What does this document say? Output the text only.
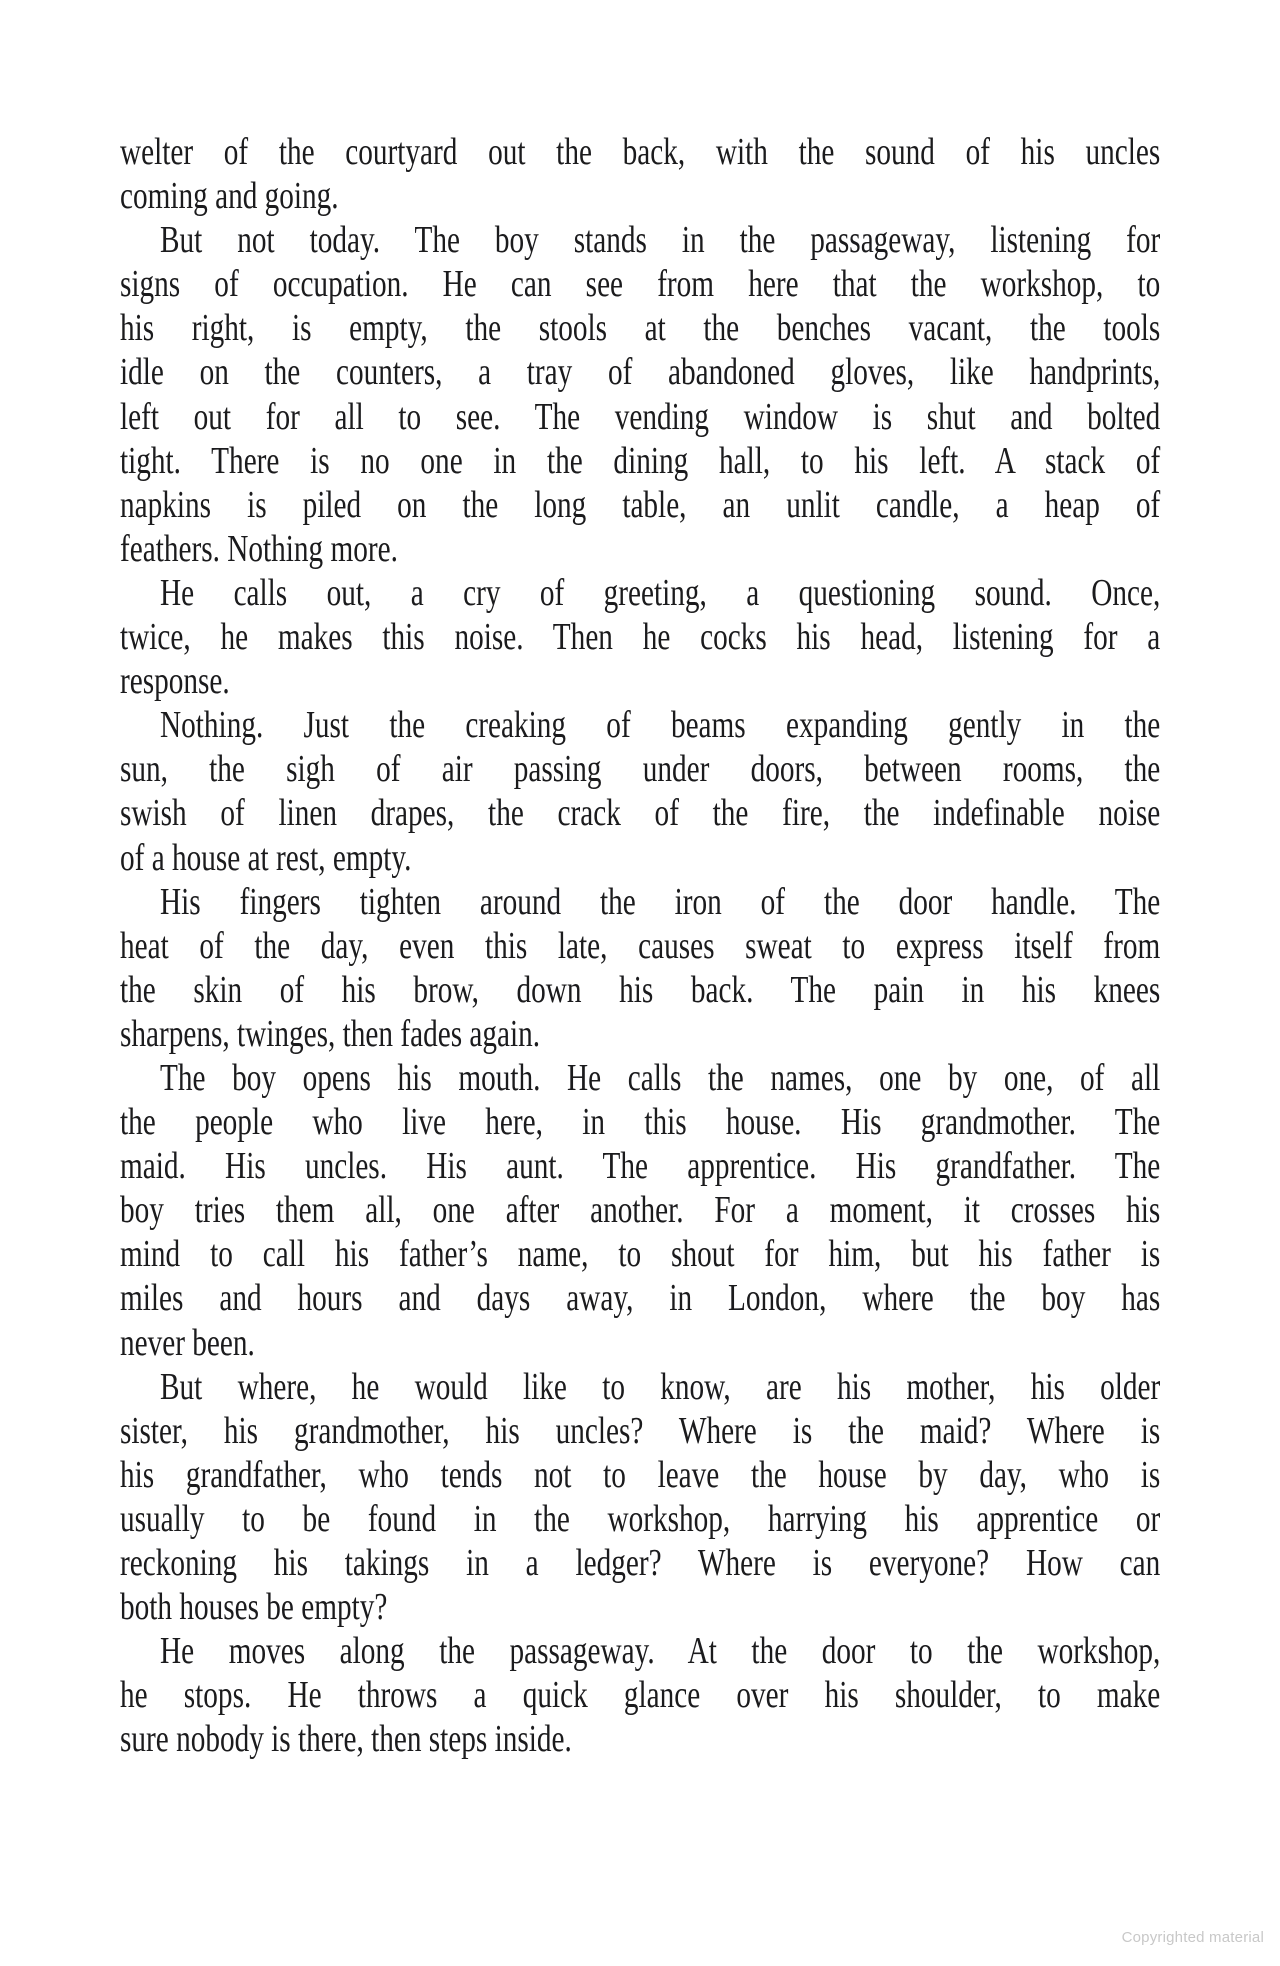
welter of the courtyard out the back, with the sound of his uncles
coming and going.
But not today. The boy stands in the passageway, listening for
signs of occupation. He can see from here that the workshop, to
his right, is empty, the stools at the benches vacant, the tools
idle on the counters, a tray of abandoned gloves, like handprints,
left out for all to see. The vending window is shut and bolted
tight. There is no one in the dining hall, to his left. A stack of
napkins is piled on the long table, an unlit candle, a heap of
feathers. Nothing more.
He calls out, a cry of greeting, a questioning sound. Once,
twice, he makes this noise. Then he cocks his head, listening for a
response.
Nothing. Just the creaking of beams expanding gently in the
sun, the sigh of air passing under doors, between rooms, the
swish of linen drapes, the crack of the fire, the indefinable noise
of a house at rest, empty.
His fingers tighten around the iron of the door handle. The
heat of the day, even this late, causes sweat to express itself from
the skin of his brow, down his back. The pain in his knees
sharpens, twinges, then fades again.
The boy opens his mouth. He calls the names, one by one, of all
the people who live here, in this house. His grandmother. The
maid. His uncles. His aunt. The apprentice. His grandfather. The
boy tries them all, one after another. For a moment, it crosses his
mind to call his father’s name, to shout for him, but his father is
miles and hours and days away, in London, where the boy has
never been.
But where, he would like to know, are his mother, his older
sister, his grandmother, his uncles? Where is the maid? Where is
his grandfather, who tends not to leave the house by day, who is
usually to be found in the workshop, harrying his apprentice or
reckoning his takings in a ledger? Where is everyone? How can
both houses be empty?
He moves along the passageway. At the door to the workshop,
he stops. He throws a quick glance over his shoulder, to make
sure nobody is there, then steps inside.
Copyrighted material
